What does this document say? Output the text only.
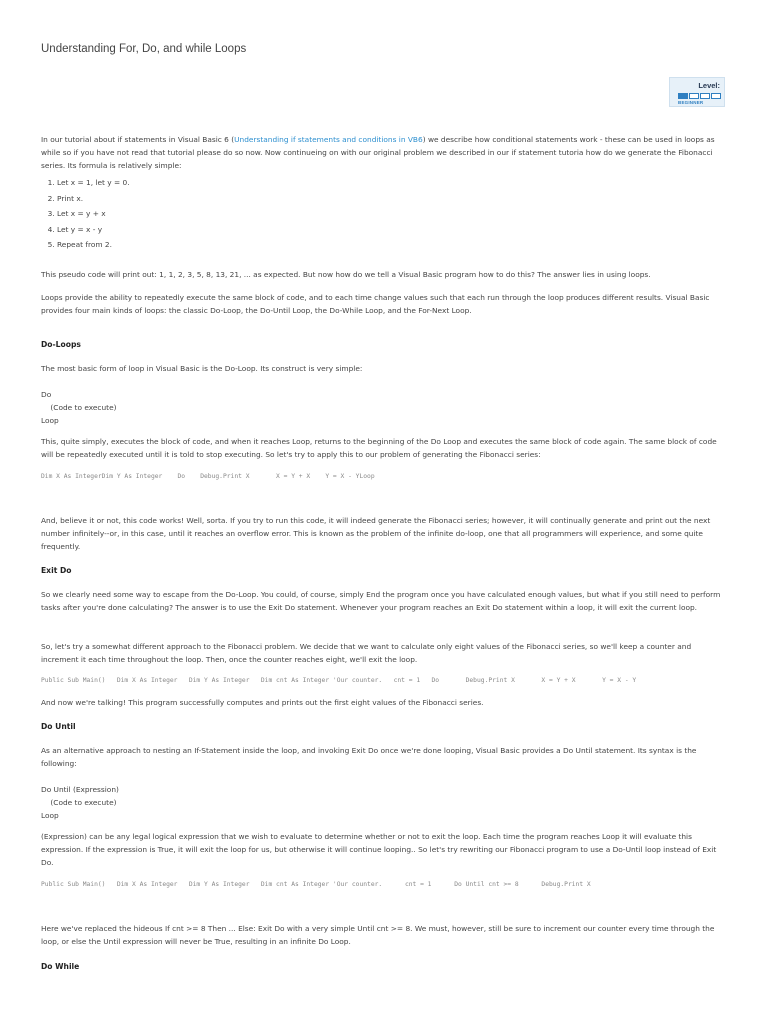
Understanding For, Do, and while Loops
Level:
BEGINNER
In our tutorial about if statements in Visual Basic 6 (Understanding if statements and conditions in VB6) we describe how conditional statements work - these can be used in loops as while so if you have not read that tutorial please do so now. Now continueing on with our original problem we described in our if statement tutoria how do we generate the Fibonacci series. Its formula is relatively simple:
1. Let x = 1, let y = 0.
2. Print x.
3. Let x = y + x
4. Let y = x - y
5. Repeat from 2.
This pseudo code will print out: 1, 1, 2, 3, 5, 8, 13, 21, ... as expected. But now how do we tell a Visual Basic program how to do this? The answer lies in using loops.
Loops provide the ability to repeatedly execute the same block of code, and to each time change values such that each run through the loop produces different results. Visual Basic provides four main kinds of loops: the classic Do-Loop, the Do-Until Loop, the Do-While Loop, and the For-Next Loop.
Do-Loops
The most basic form of loop in Visual Basic is the Do-Loop. Its construct is very simple:
Do
(Code to execute)
Loop
This, quite simply, executes the block of code, and when it reaches Loop, returns to the beginning of the Do Loop and executes the same block of code again. The same block of code will be repeatedly executed until it is told to stop executing. So let's try to apply this to our problem of generating the Fibonacci series:
Dim X As IntegerDim Y As Integer    Do    Debug.Print X       X = Y + X    Y = X - YLoop
And, believe it or not, this code works! Well, sorta. If you try to run this code, it will indeed generate the Fibonacci series; however, it will continually generate and print out the next number infinitely--or, in this case, until it reaches an overflow error. This is known as the problem of the infinite do-loop, one that all programmers will experience, and some quite frequently.
Exit Do
So we clearly need some way to escape from the Do-Loop. You could, of course, simply End the program once you have calculated enough values, but what if you still need to perform tasks after you're done calculating? The answer is to use the Exit Do statement. Whenever your program reaches an Exit Do statement within a loop, it will exit the current loop.
So, let's try a somewhat different approach to the Fibonacci problem. We decide that we want to calculate only eight values of the Fibonacci series, so we'll keep a counter and increment it each time throughout the loop. Then, once the counter reaches eight, we'll exit the loop.
Public Sub Main()   Dim X As Integer   Dim Y As Integer   Dim cnt As Integer 'Our counter.   cnt = 1   Do       Debug.Print X       X = Y + X       Y = X - Y
And now we're talking! This program successfully computes and prints out the first eight values of the Fibonacci series.
Do Until
As an alternative approach to nesting an If-Statement inside the loop, and invoking Exit Do once we're done looping, Visual Basic provides a Do Until statement. Its syntax is the following:
Do Until (Expression)
(Code to execute)
Loop
(Expression) can be any legal logical expression that we wish to evaluate to determine whether or not to exit the loop. Each time the program reaches Loop it will evaluate this expression. If the expression is True, it will exit the loop for us, but otherwise it will continue looping.. So let's try rewriting our Fibonacci program to use a Do-Until loop instead of Exit Do.
Public Sub Main()   Dim X As Integer   Dim Y As Integer   Dim cnt As Integer 'Our counter.      cnt = 1      Do Until cnt >= 8      Debug.Print X
Here we've replaced the hideous If cnt >= 8 Then ... Else: Exit Do with a very simple Until cnt >= 8. We must, however, still be sure to increment our counter every time through the loop, or else the Until expression will never be True, resulting in an infinite Do Loop.
Do While
